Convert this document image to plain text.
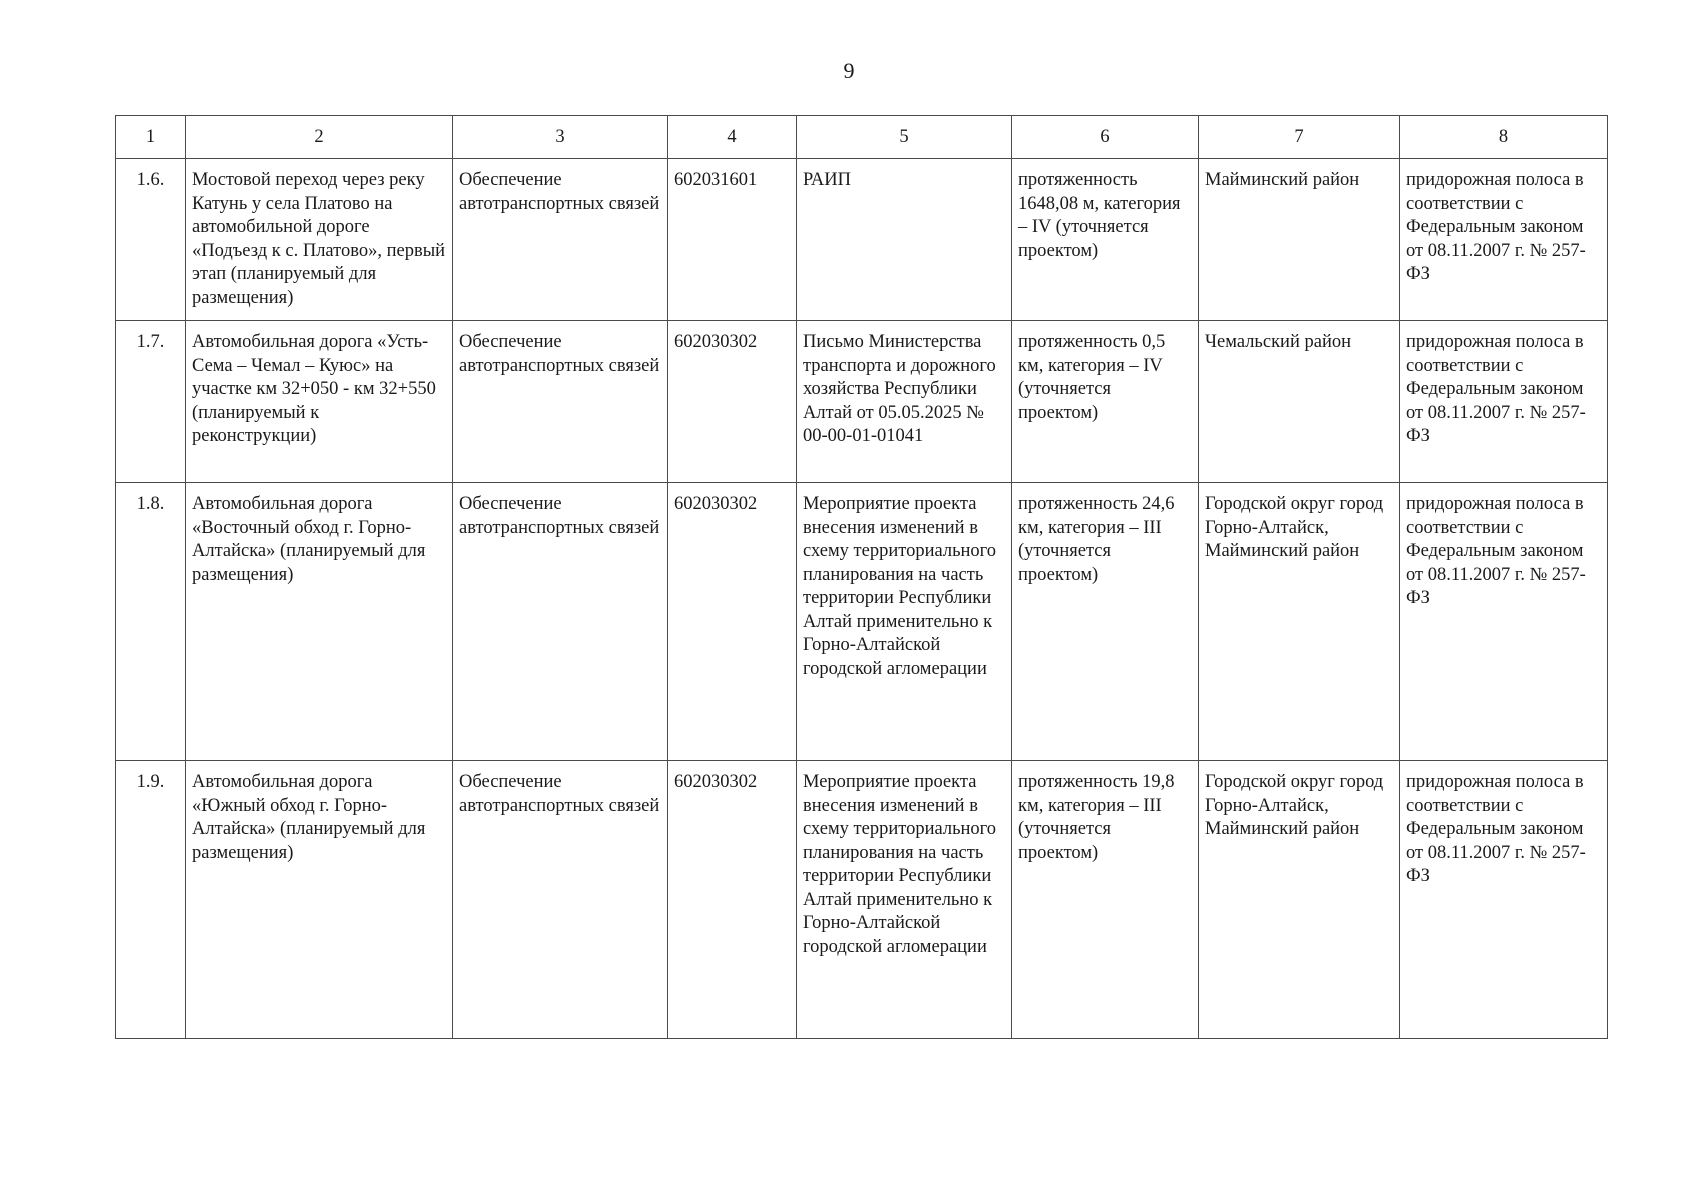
9
1	2	3	4	5	6	7	8
1.6.	Мостовой переход через реку Катунь у села Платово на автомобильной дороге «Подъезд к с. Платово», первый этап (планируемый для размещения)	Обеспечение автотранспортных связей	602031601	РАИП	протяженность 1648,08 м, категория – IV (уточняется проектом)	Майминский район	придорожная полоса в соответствии с Федеральным законом от 08.11.2007 г. № 257-ФЗ
1.7.	Автомобильная дорога «Усть-Сема – Чемал – Куюс» на участке км 32+050 - км 32+550 (планируемый к реконструкции)	Обеспечение автотранспортных связей	602030302	Письмо Министерства транспорта и дорожного хозяйства Республики Алтай от 05.05.2025 № 00-00-01-01041	протяженность 0,5 км, категория – IV (уточняется проектом)	Чемальский район	придорожная полоса в соответствии с Федеральным законом от 08.11.2007 г. № 257-ФЗ
1.8.	Автомобильная дорога «Восточный обход г. Горно-Алтайска» (планируемый для размещения)	Обеспечение автотранспортных связей	602030302	Мероприятие проекта внесения изменений в схему территориального планирования на часть территории Республики Алтай применительно к Горно-Алтайской городской агломерации	протяженность 24,6 км, категория – III (уточняется проектом)	Городской округ город Горно-Алтайск, Майминский район	придорожная полоса в соответствии с Федеральным законом от 08.11.2007 г. № 257-ФЗ
1.9.	Автомобильная дорога «Южный обход г. Горно-Алтайска» (планируемый для размещения)	Обеспечение автотранспортных связей	602030302	Мероприятие проекта внесения изменений в схему территориального планирования на часть территории Республики Алтай применительно к Горно-Алтайской городской агломерации	протяженность 19,8 км, категория – III (уточняется проектом)	Городской округ город Горно-Алтайск, Майминский район	придорожная полоса в соответствии с Федеральным законом от 08.11.2007 г. № 257-ФЗ
